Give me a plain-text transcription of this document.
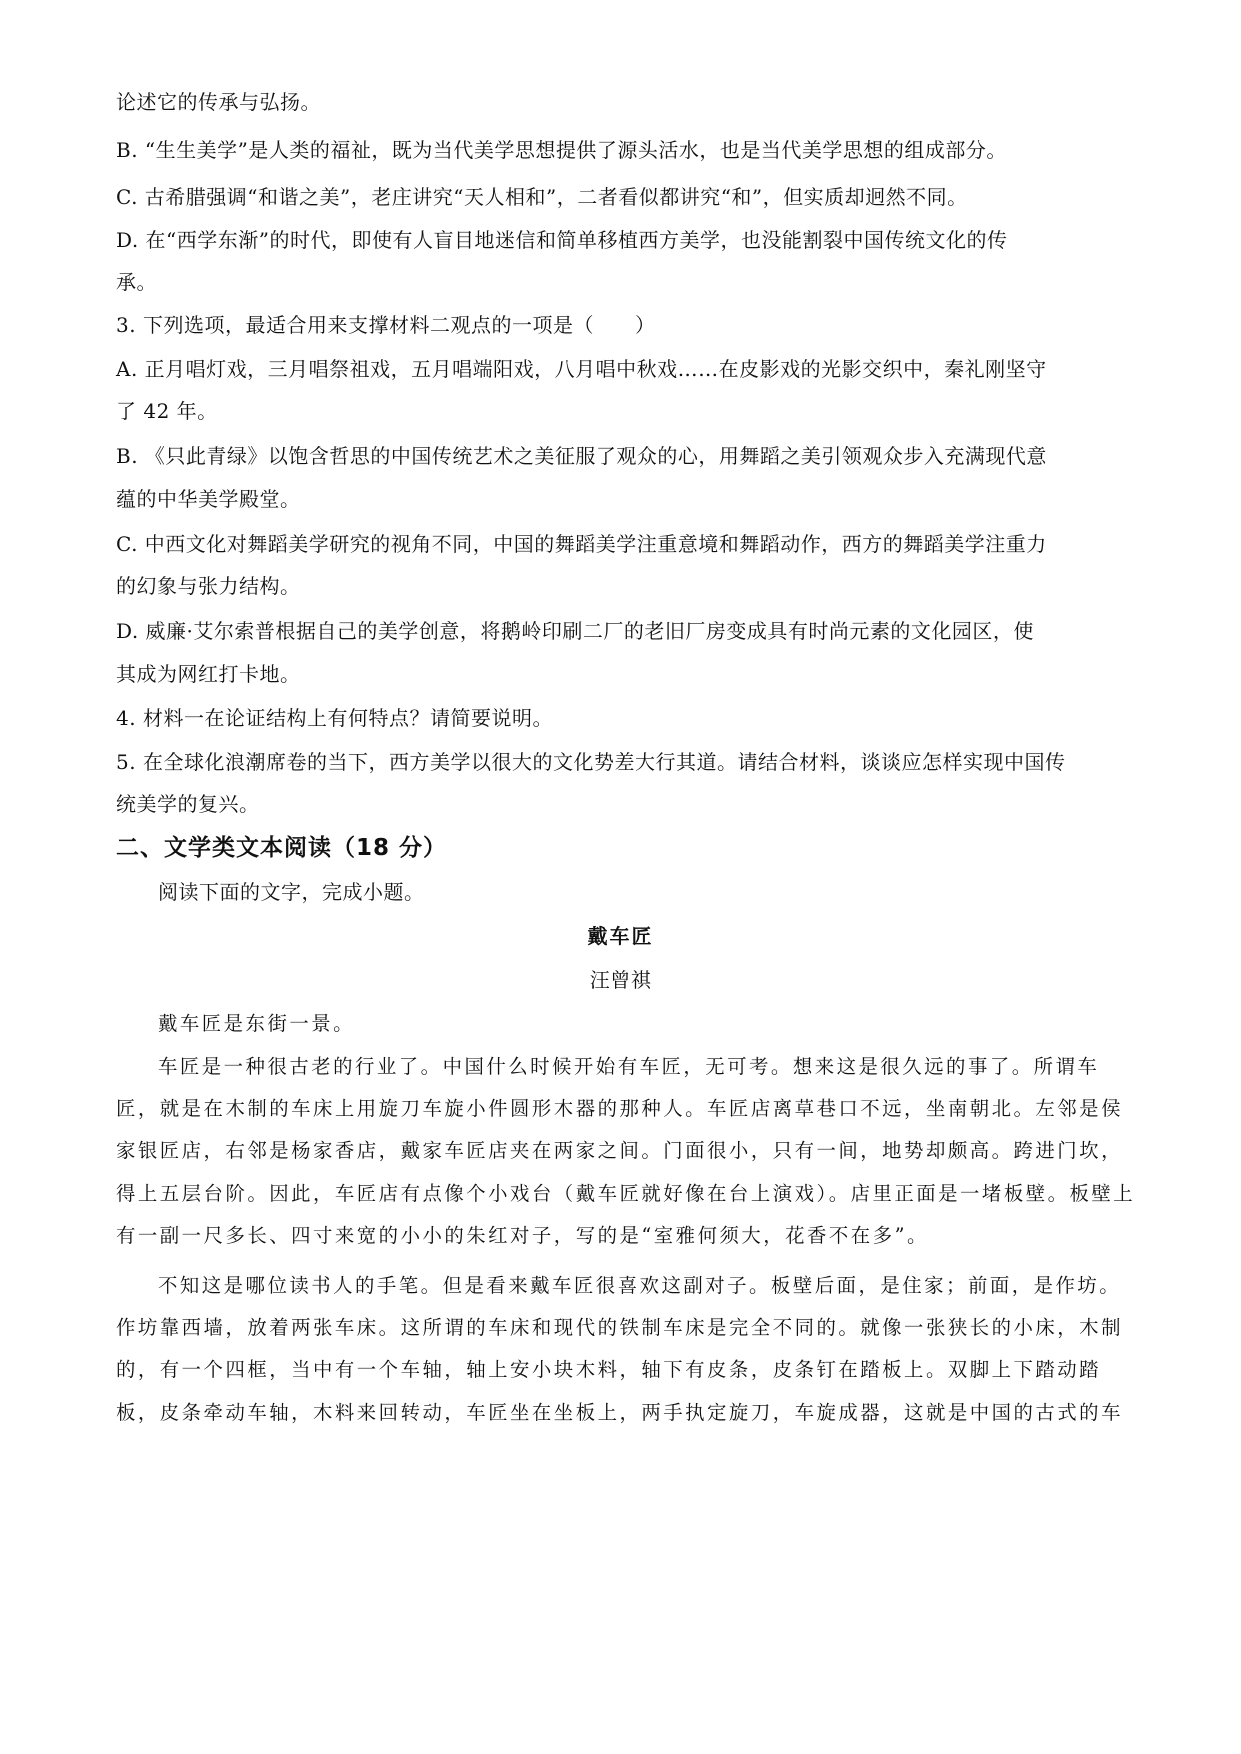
论述它的传承与弘扬。
B. “生生美学”是人类的福祉，既为当代美学思想提供了源头活水，也是当代美学思想的组成部分。
C. 古希腊强调“和谐之美”，老庄讲究“天人相和”，二者看似都讲究“和”，但实质却迥然不同。
D. 在“西学东渐”的时代，即使有人盲目地迷信和简单移植西方美学，也没能割裂中国传统文化的传
承。
3. 下列选项，最适合用来支撑材料二观点的一项是（　　）
A. 正月唱灯戏，三月唱祭祖戏，五月唱端阳戏，八月唱中秋戏……在皮影戏的光影交织中，秦礼刚坚守
了 42 年。
B. 《只此青绿》以饱含哲思的中国传统艺术之美征服了观众的心，用舞蹈之美引领观众步入充满现代意
蕴的中华美学殿堂。
C. 中西文化对舞蹈美学研究的视角不同，中国的舞蹈美学注重意境和舞蹈动作，西方的舞蹈美学注重力
的幻象与张力结构。
D. 威廉·艾尔索普根据自己的美学创意，将鹅岭印刷二厂的老旧厂房变成具有时尚元素的文化园区，使
其成为网红打卡地。
4. 材料一在论证结构上有何特点？请简要说明。
5. 在全球化浪潮席卷的当下，西方美学以很大的文化势差大行其道。请结合材料，谈谈应怎样实现中国传
统美学的复兴。
二、文学类文本阅读（18 分）
阅读下面的文字，完成小题。
戴车匠
汪曾祺
戴车匠是东街一景。
车匠是一种很古老的行业了。中国什么时候开始有车匠，无可考。想来这是很久远的事了。所谓车
匠，就是在木制的车床上用旋刀车旋小件圆形木器的那种人。车匠店离草巷口不远，坐南朝北。左邻是侯
家银匠店，右邻是杨家香店，戴家车匠店夹在两家之间。门面很小，只有一间，地势却颇高。跨进门坎，
得上五层台阶。因此，车匠店有点像个小戏台（戴车匠就好像在台上演戏）。店里正面是一堵板壁。板壁上
有一副一尺多长、四寸来宽的小小的朱红对子，写的是“室雅何须大，花香不在多”。
不知这是哪位读书人的手笔。但是看来戴车匠很喜欢这副对子。板壁后面，是住家；前面，是作坊。
作坊靠西墙，放着两张车床。这所谓的车床和现代的铁制车床是完全不同的。就像一张狭长的小床，木制
的，有一个四框，当中有一个车轴，轴上安小块木料，轴下有皮条，皮条钉在踏板上。双脚上下踏动踏
板，皮条牵动车轴，木料来回转动，车匠坐在坐板上，两手执定旋刀，车旋成器，这就是中国的古式的车
